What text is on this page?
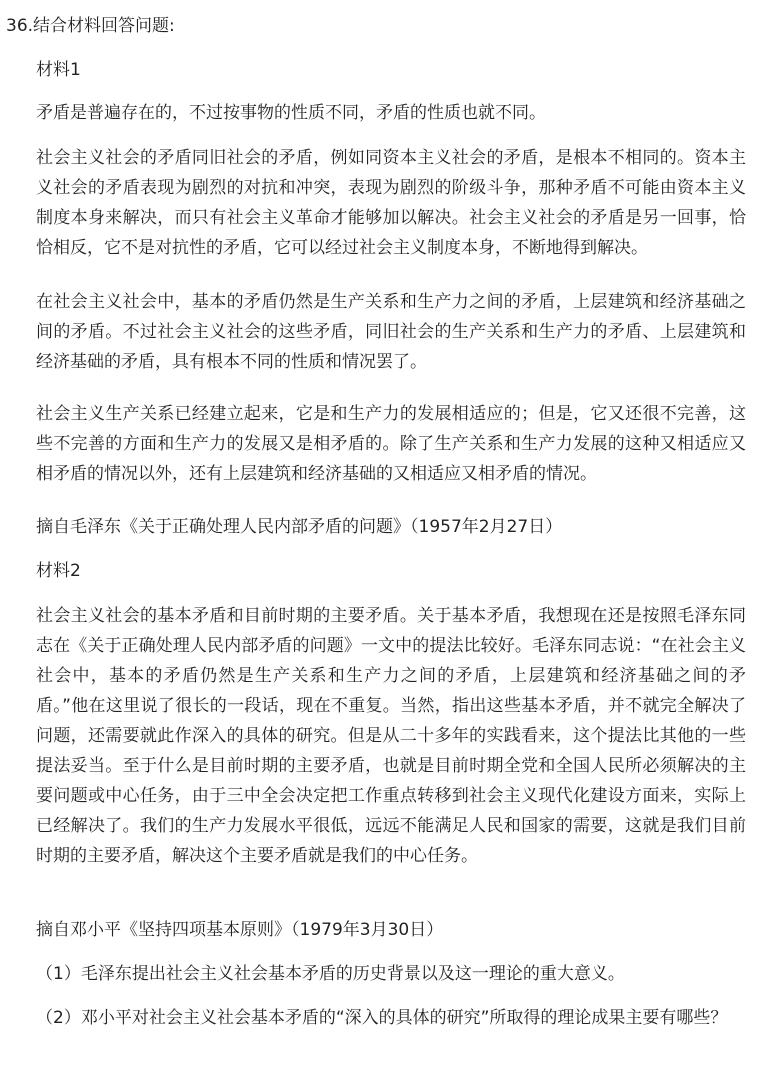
36.结合材料回答问题:
材料1
矛盾是普遍存在的，不过按事物的性质不同，矛盾的性质也就不同。
社会主义社会的矛盾同旧社会的矛盾，例如同资本主义社会的矛盾，是根本不相同的。资本主义社会的矛盾表现为剧烈的对抗和冲突，表现为剧烈的阶级斗争，那种矛盾不可能由资本主义制度本身来解决，而只有社会主义革命才能够加以解决。社会主义社会的矛盾是另一回事，恰恰相反，它不是对抗性的矛盾，它可以经过社会主义制度本身，不断地得到解决。
在社会主义社会中，基本的矛盾仍然是生产关系和生产力之间的矛盾，上层建筑和经济基础之间的矛盾。不过社会主义社会的这些矛盾，同旧社会的生产关系和生产力的矛盾、上层建筑和经济基础的矛盾，具有根本不同的性质和情况罢了。
社会主义生产关系已经建立起来，它是和生产力的发展相适应的；但是，它又还很不完善，这些不完善的方面和生产力的发展又是相矛盾的。除了生产关系和生产力发展的这种又相适应又相矛盾的情况以外，还有上层建筑和经济基础的又相适应又相矛盾的情况。
摘自毛泽东《关于正确处理人民内部矛盾的问题》（1957年2月27日）
材料2
社会主义社会的基本矛盾和目前时期的主要矛盾。关于基本矛盾，我想现在还是按照毛泽东同志在《关于正确处理人民内部矛盾的问题》一文中的提法比较好。毛泽东同志说：“在社会主义社会中，基本的矛盾仍然是生产关系和生产力之间的矛盾，上层建筑和经济基础之间的矛盾。”他在这里说了很长的一段话，现在不重复。当然，指出这些基本矛盾，并不就完全解决了问题，还需要就此作深入的具体的研究。但是从二十多年的实践看来，这个提法比其他的一些提法妥当。至于什么是目前时期的主要矛盾，也就是目前时期全党和全国人民所必须解决的主要问题或中心任务，由于三中全会决定把工作重点转移到社会主义现代化建设方面来，实际上已经解决了。我们的生产力发展水平很低，远远不能满足人民和国家的需要，这就是我们目前时期的主要矛盾，解决这个主要矛盾就是我们的中心任务。
摘自邓小平《坚持四项基本原则》（1979年3月30日）
（1）毛泽东提出社会主义社会基本矛盾的历史背景以及这一理论的重大意义。
（2）邓小平对社会主义社会基本矛盾的“深入的具体的研究”所取得的理论成果主要有哪些？
